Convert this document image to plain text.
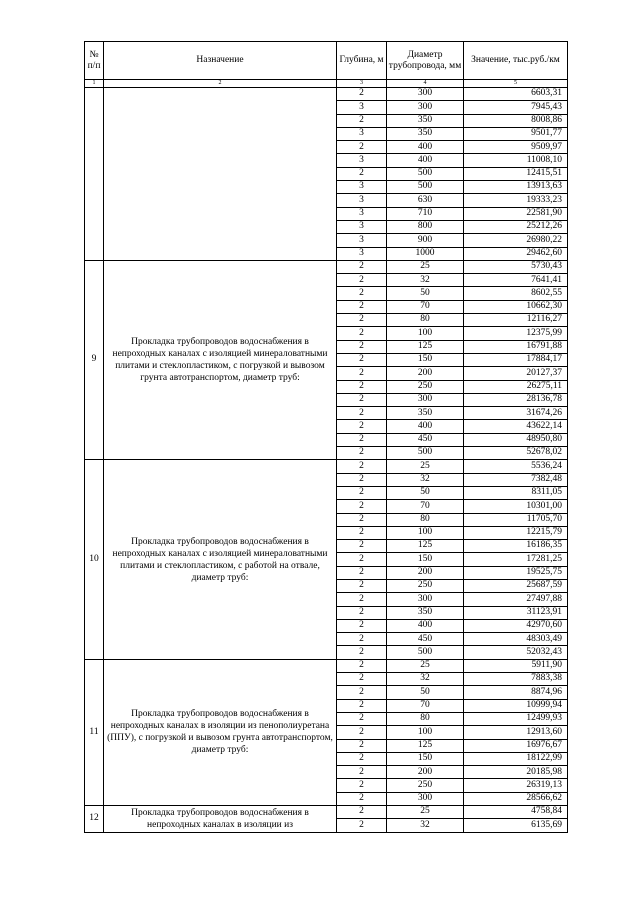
№ п/п	Назначение	Глубина, м	Диаметр трубопровода, мм	Значение, тыс.руб./км
1	2	3	4	5
		2	300	6603,31
		3	300	7945,43
		2	350	8008,86
		3	350	9501,77
		2	400	9509,97
		3	400	11008,10
		2	500	12415,51
		3	500	13913,63
		3	630	19333,23
		3	710	22581,90
		3	800	25212,26
		3	900	26980,22
		3	1000	29462,60
9	Прокладка трубопроводов водоснабжения в непроходных каналах с изоляцией минераловатными плитами и стеклопластиком, с погрузкой и вывозом грунта автотранспортом, диаметр труб:	2	25	5730,43
		2	32	7641,41
		2	50	8602,55
		2	70	10662,30
		2	80	12116,27
		2	100	12375,99
		2	125	16791,88
		2	150	17884,17
		2	200	20127,37
		2	250	26275,11
		2	300	28136,78
		2	350	31674,26
		2	400	43622,14
		2	450	48950,80
		2	500	52678,02
10	Прокладка трубопроводов водоснабжения в непроходных каналах с изоляцией минераловатными плитами и стеклопластиком, с работой на отвале, диаметр труб:	2	25	5536,24
		2	32	7382,48
		2	50	8311,05
		2	70	10301,00
		2	80	11705,70
		2	100	12215,79
		2	125	16186,35
		2	150	17281,25
		2	200	19525,75
		2	250	25687,59
		2	300	27497,88
		2	350	31123,91
		2	400	42970,60
		2	450	48303,49
		2	500	52032,43
11	Прокладка трубопроводов водоснабжения в непроходных каналах в изоляции из пенополиуретана (ППУ), с погрузкой и вывозом грунта автотранспортом, диаметр труб:	2	25	5911,90
		2	32	7883,38
		2	50	8874,96
		2	70	10999,94
		2	80	12499,93
		2	100	12913,60
		2	125	16976,67
		2	150	18122,99
		2	200	20185,98
		2	250	26319,13
		2	300	28566,62
12	Прокладка трубопроводов водоснабжения в непроходных каналах в изоляции из	2	25	4758,84
		2	32	6135,69
